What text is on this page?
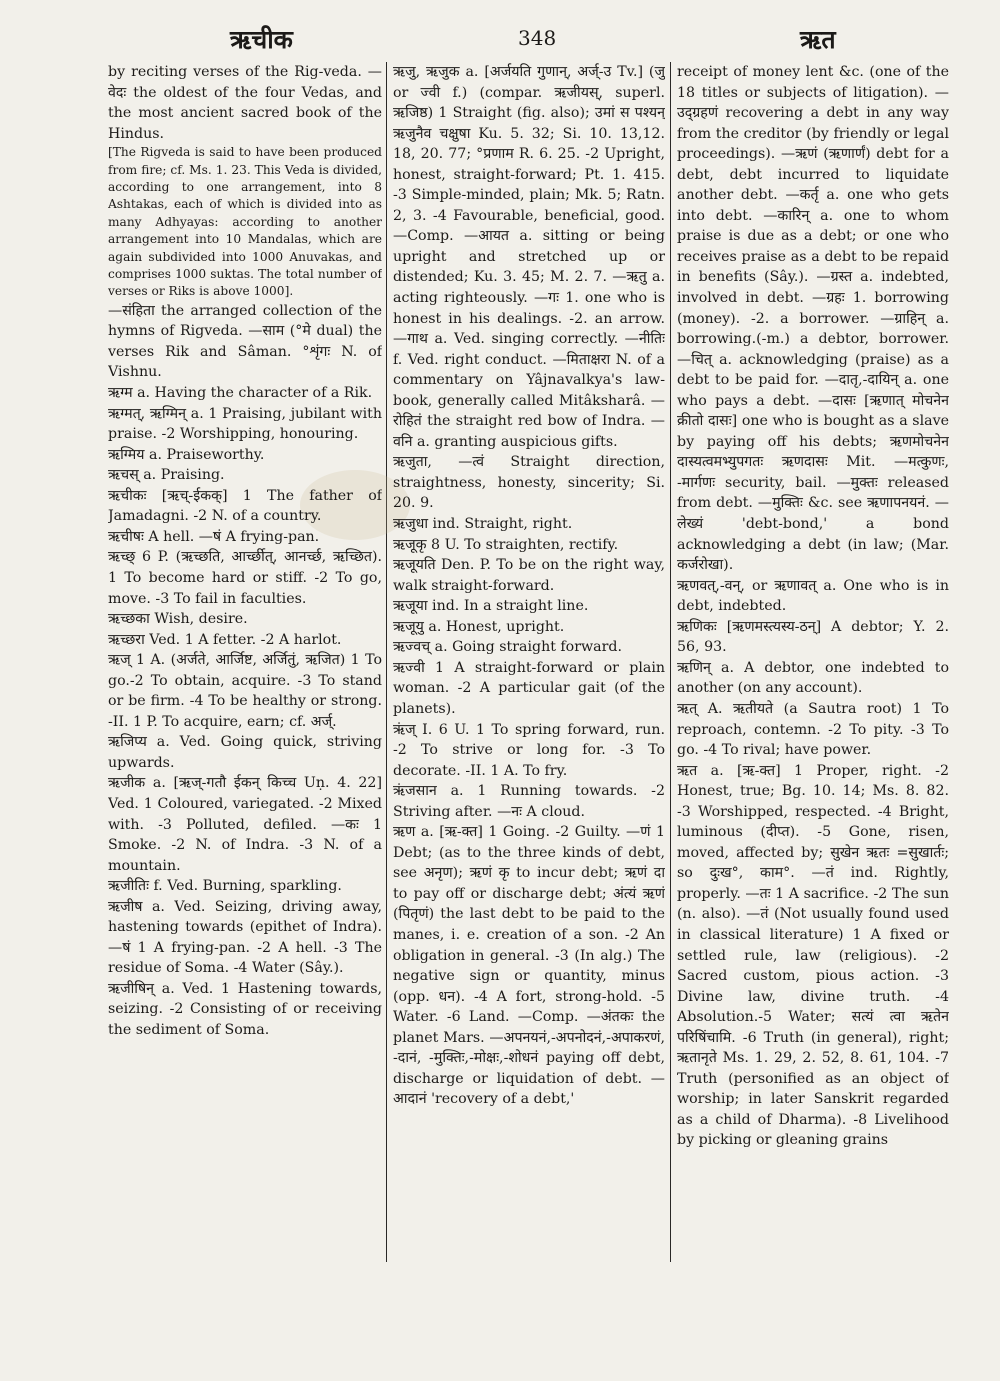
ऋचीक	348	ऋत

by reciting verses of the Rig-veda. —वेदः the oldest of the four Vedas, and the most ancient sacred book of the Hindus.

[The Rigveda is said to have been produced from fire; cf. Ms. 1. 23. This Veda is divided, according to one arrangement, into 8 Ashtakas, each of which is divided into as many Adhyayas: according to another arrangement into 10 Mandalas, which are again subdivided into 1000 Anuvakas, and comprises 1000 suktas. The total number of verses or Riks is above 1000].

—संहिता the arranged collection of the hymns of Rigveda. —साम (°मे dual) the verses Rik and Sâman. °शृंगः N. of Vishnu.

ऋग्म a. Having the character of a Rik.

ऋग्मत्, ऋग्मिन् a. 1 Praising, jubilant with praise. -2 Worshipping, honouring.

ऋग्मिय a. Praiseworthy.

ऋचस् a. Praising.

ऋचीकः [ऋच्-ईकक्] 1 The father of Jamadagni. -2 N. of a country.

ऋचीषः A hell. —षं A frying-pan.

ऋच्छ् 6 P. (ऋच्छति, आर्च्छीत्, आनर्च्छ, ऋच्छित). 1 To become hard or stiff. -2 To go, move. -3 To fail in faculties.

ऋच्छका Wish, desire.

ऋच्छरा Ved. 1 A fetter. -2 A harlot.

ऋज् 1 A. (अर्जते, आर्जिष्ट, अर्जितुं, ऋजित) 1 To go.-2 To obtain, acquire. -3 To stand or be firm. -4 To be healthy or strong. -II. 1 P. To acquire, earn; cf. अर्ज्.

ऋजिप्य a. Ved. Going quick, striving upwards.

ऋजीक a. [ऋज्-गतौ ईकन् किच्च Uṇ. 4. 22] Ved. 1 Coloured, variegated. -2 Mixed with. -3 Polluted, defiled. —कः 1 Smoke. -2 N. of Indra. -3 N. of a mountain.

ऋजीतिः f. Ved. Burning, sparkling.

ऋजीष a. Ved. Seizing, driving away, hastening towards (epithet of Indra). —षं 1 A frying-pan. -2 A hell. -3 The residue of Soma. -4 Water (Sây.).

ऋजीषिन् a. Ved. 1 Hastening towards, seizing. -2 Consisting of or receiving the sediment of Soma.

ऋजु, ऋजुक a. [अर्जयति गुणान्, अर्ज्-उ Tv.] (जु or ज्वी f.) (compar. ऋजीयस्, superl. ऋजिष्ठ) 1 Straight (fig. also); उमां स पश्यन् ऋजुनैव चक्षुषा Ku. 5. 32; Si. 10. 13,12. 18, 20. 77; °प्रणाम R. 6. 25. -2 Upright, honest, straight-forward; Pt. 1. 415. -3 Simple-minded, plain; Mk. 5; Ratn. 2, 3. -4 Favourable, beneficial, good. —Comp. —आयत a. sitting or being upright and stretched up or distended; Ku. 3. 45; M. 2. 7. —ऋतु a. acting righteously. —गः 1. one who is honest in his dealings. -2. an arrow. —गाथ a. Ved. singing correctly. —नीतिः f. Ved. right conduct. —मिताक्षरा N. of a commentary on Yâjnavalkya's law-book, generally called Mitâksharâ. —रोहितं the straight red bow of Indra. —वनि a. granting auspicious gifts.

ऋजुता, —त्वं Straight direction, straightness, honesty, sincerity; Si. 20. 9.

ऋजुधा ind. Straight, right.

ऋजूकृ 8 U. To straighten, rectify.

ऋजूयति Den. P. To be on the right way, walk straight-forward.

ऋजूया ind. In a straight line.

ऋजूयु a. Honest, upright.

ऋज्वच् a. Going straight forward.

ऋज्वी 1 A straight-forward or plain woman. -2 A particular gait (of the planets).

ऋंज् I. 6 U. 1 To spring forward, run. -2 To strive or long for. -3 To decorate. -II. 1 A. To fry.

ऋंजसान a. 1 Running towards. -2 Striving after. —नः A cloud.

ऋण a. [ऋ-क्त] 1 Going. -2 Guilty. —णं 1 Debt; (as to the three kinds of debt, see अनृण); ऋणं कृ to incur debt; ऋणं दा to pay off or discharge debt; अंत्यं ऋणं (पितृणं) the last debt to be paid to the manes, i. e. creation of a son. -2 An obligation in general. -3 (In alg.) The negative sign or quantity, minus (opp. धन). -4 A fort, strong-hold. -5 Water. -6 Land. —Comp. —अंतकः the planet Mars. —अपनयनं,-अपनोदनं,-अपाकरणं, -दानं, -मुक्तिः,-मोक्षः,-शोधनं paying off debt, discharge or liquidation of debt. —आदानं 'recovery of a debt,'

receipt of money lent &c. (one of the 18 titles or subjects of litigation). —उद्ग्रहणं recovering a debt in any way from the creditor (by friendly or legal proceedings). —ऋणं (ऋणार्णं) debt for a debt, debt incurred to liquidate another debt. —कर्तृ a. one who gets into debt. —कारिन् a. one to whom praise is due as a debt; or one who receives praise as a debt to be repaid in benefits (Sây.). —ग्रस्त a. indebted, involved in debt. —ग्रहः 1. borrowing (money). -2. a borrower. —ग्राहिन् a. borrowing.(-m.) a debtor, borrower. —चित् a. acknowledging (praise) as a debt to be paid for. —दातृ,-दायिन् a. one who pays a debt. —दासः [ऋणात् मोचनेन क्रीतो दासः] one who is bought as a slave by paying off his debts; ऋणमोचनेन दास्यत्वमभ्युपगतः ऋणदासः Mit. —मत्कुणः, -मार्गणः security, bail. —मुक्तः released from debt. —मुक्तिः &c. see ऋणापनयनं. —लेख्यं 'debt-bond,' a bond acknowledging a debt (in law; (Mar. कर्जरोखा).

ऋणवत्,-वन्, or ऋणावत् a. One who is in debt, indebted.

ऋणिकः [ऋणमस्त्यस्य-ठन्] A debtor; Y. 2. 56, 93.

ऋणिन् a. A debtor, one indebted to another (on any account).

ऋत् A. ऋतीयते (a Sautra root) 1 To reproach, contemn. -2 To pity. -3 To go. -4 To rival; have power.

ऋत a. [ऋ-क्त] 1 Proper, right. -2 Honest, true; Bg. 10. 14; Ms. 8. 82. -3 Worshipped, respected. -4 Bright, luminous (दीप्त). -5 Gone, risen, moved, affected by; सुखेन ऋतः =सुखार्तः; so दुःख°, काम°. —तं ind. Rightly, properly. —तः 1 A sacrifice. -2 The sun (n. also). —तं (Not usually found used in classical literature) 1 A fixed or settled rule, law (religious). -2 Sacred custom, pious action. -3 Divine law, divine truth. -4 Absolution.-5 Water; सत्यं त्वा ऋतेन परिषिंचामि. -6 Truth (in general), right; ऋतानृते Ms. 1. 29, 2. 52, 8. 61, 104. -7 Truth (personified as an object of worship; in later Sanskrit regarded as a child of Dharma). -8 Livelihood by picking or gleaning grains
